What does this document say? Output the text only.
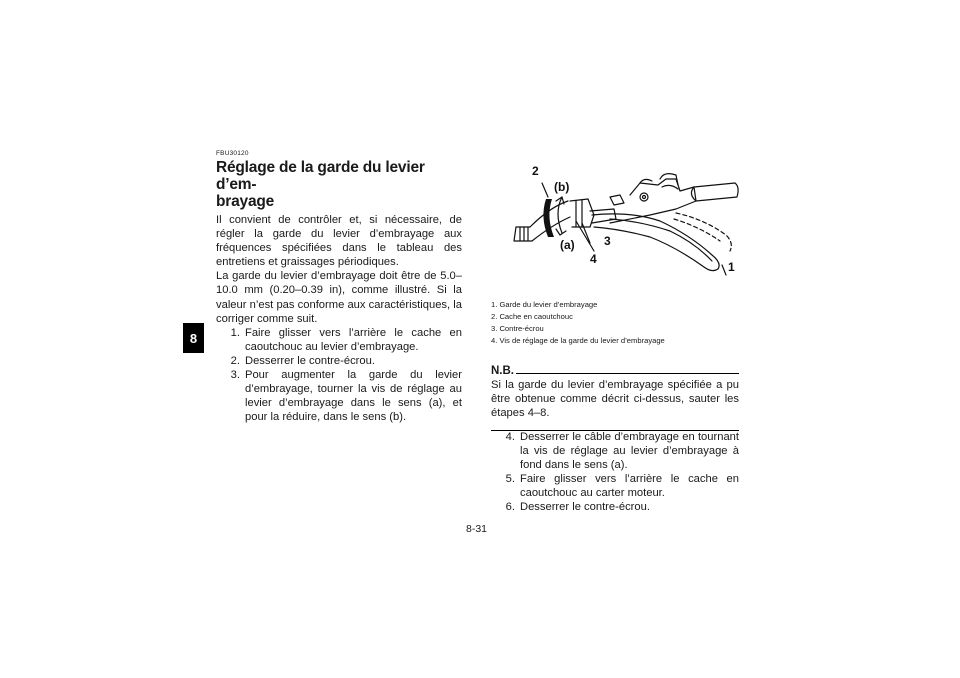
8
FBU30120
Réglage de la garde du levier d’em-
brayage
Il convient de contrôler et, si nécessaire, de régler la garde du levier d’embrayage aux fréquences spécifiées dans le tableau des entretiens et graissages périodiques.
La garde du levier d’embrayage doit être de 5.0–10.0 mm (0.20–0.39 in), comme illustré. Si la valeur n’est pas conforme aux caractéristiques, la corriger comme suit.
1. Faire glisser vers l’arrière le cache en caoutchouc au levier d’embrayage.
2. Desserrer le contre-écrou.
3. Pour augmenter la garde du levier d’embrayage, tourner la vis de réglage au levier d’embrayage dans le sens (a), et pour la réduire, dans le sens (b).
2
(b)
(a) 3
4
1
1. Garde du levier d’embrayage
2. Cache en caoutchouc
3. Contre-écrou
4. Vis de réglage de la garde du levier d’embrayage
N.B.
Si la garde du levier d’embrayage spécifiée a pu être obtenue comme décrit ci-dessus, sauter les étapes 4–8.
4. Desserrer le câble d’embrayage en tournant la vis de réglage au levier d’embrayage à fond dans le sens (a).
5. Faire glisser vers l’arrière le cache en caoutchouc au carter moteur.
6. Desserrer le contre-écrou.
8-31
